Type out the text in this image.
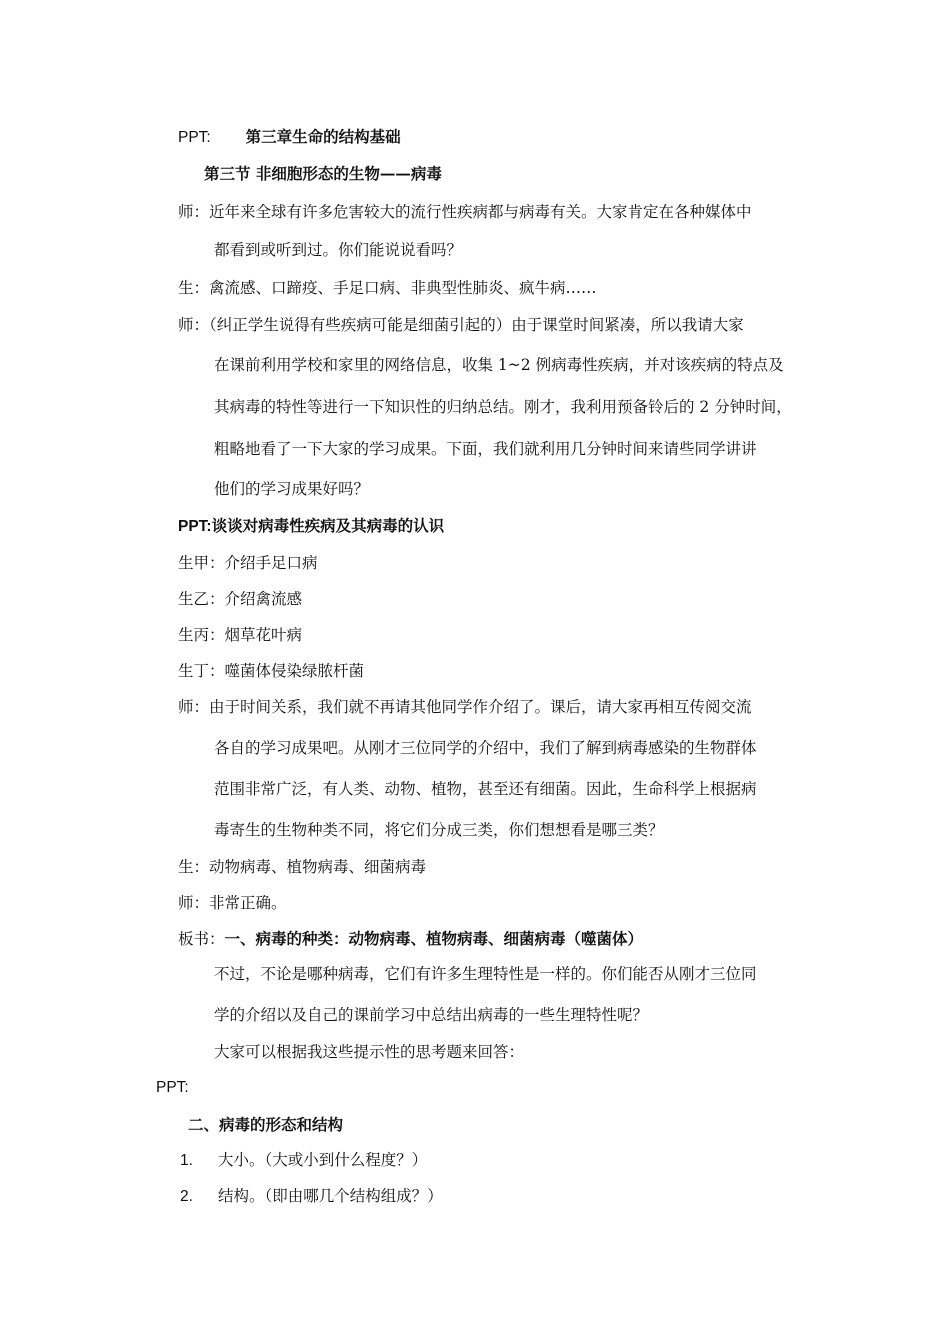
PPT: 第三章生命的结构基础
第三节 非细胞形态的生物——病毒
师：近年来全球有许多危害较大的流行性疾病都与病毒有关。大家肯定在各种媒体中
都看到或听到过。你们能说说看吗？
生：禽流感、口蹄疫、手足口病、非典型性肺炎、疯牛病……
师：（纠正学生说得有些疾病可能是细菌引起的）由于课堂时间紧凑，所以我请大家
在课前利用学校和家里的网络信息，收集 1~2 例病毒性疾病，并对该疾病的特点及
其病毒的特性等进行一下知识性的归纳总结。刚才，我利用预备铃后的 2 分钟时间，
粗略地看了一下大家的学习成果。下面，我们就利用几分钟时间来请些同学讲讲
他们的学习成果好吗？
PPT:谈谈对病毒性疾病及其病毒的认识
生甲：介绍手足口病
生乙：介绍禽流感
生丙：烟草花叶病
生丁：噬菌体侵染绿脓杆菌
师：由于时间关系，我们就不再请其他同学作介绍了。课后，请大家再相互传阅交流
各自的学习成果吧。从刚才三位同学的介绍中，我们了解到病毒感染的生物群体
范围非常广泛，有人类、动物、植物，甚至还有细菌。因此，生命科学上根据病
毒寄生的生物种类不同，将它们分成三类，你们想想看是哪三类？
生：动物病毒、植物病毒、细菌病毒
师：非常正确。
板书：一、病毒的种类：动物病毒、植物病毒、细菌病毒（噬菌体）
不过，不论是哪种病毒，它们有许多生理特性是一样的。你们能否从刚才三位同
学的介绍以及自己的课前学习中总结出病毒的一些生理特性呢？
大家可以根据我这些提示性的思考题来回答：
PPT:
二、病毒的形态和结构
1. 大小。（大或小到什么程度？）
2. 结构。（即由哪几个结构组成？）
